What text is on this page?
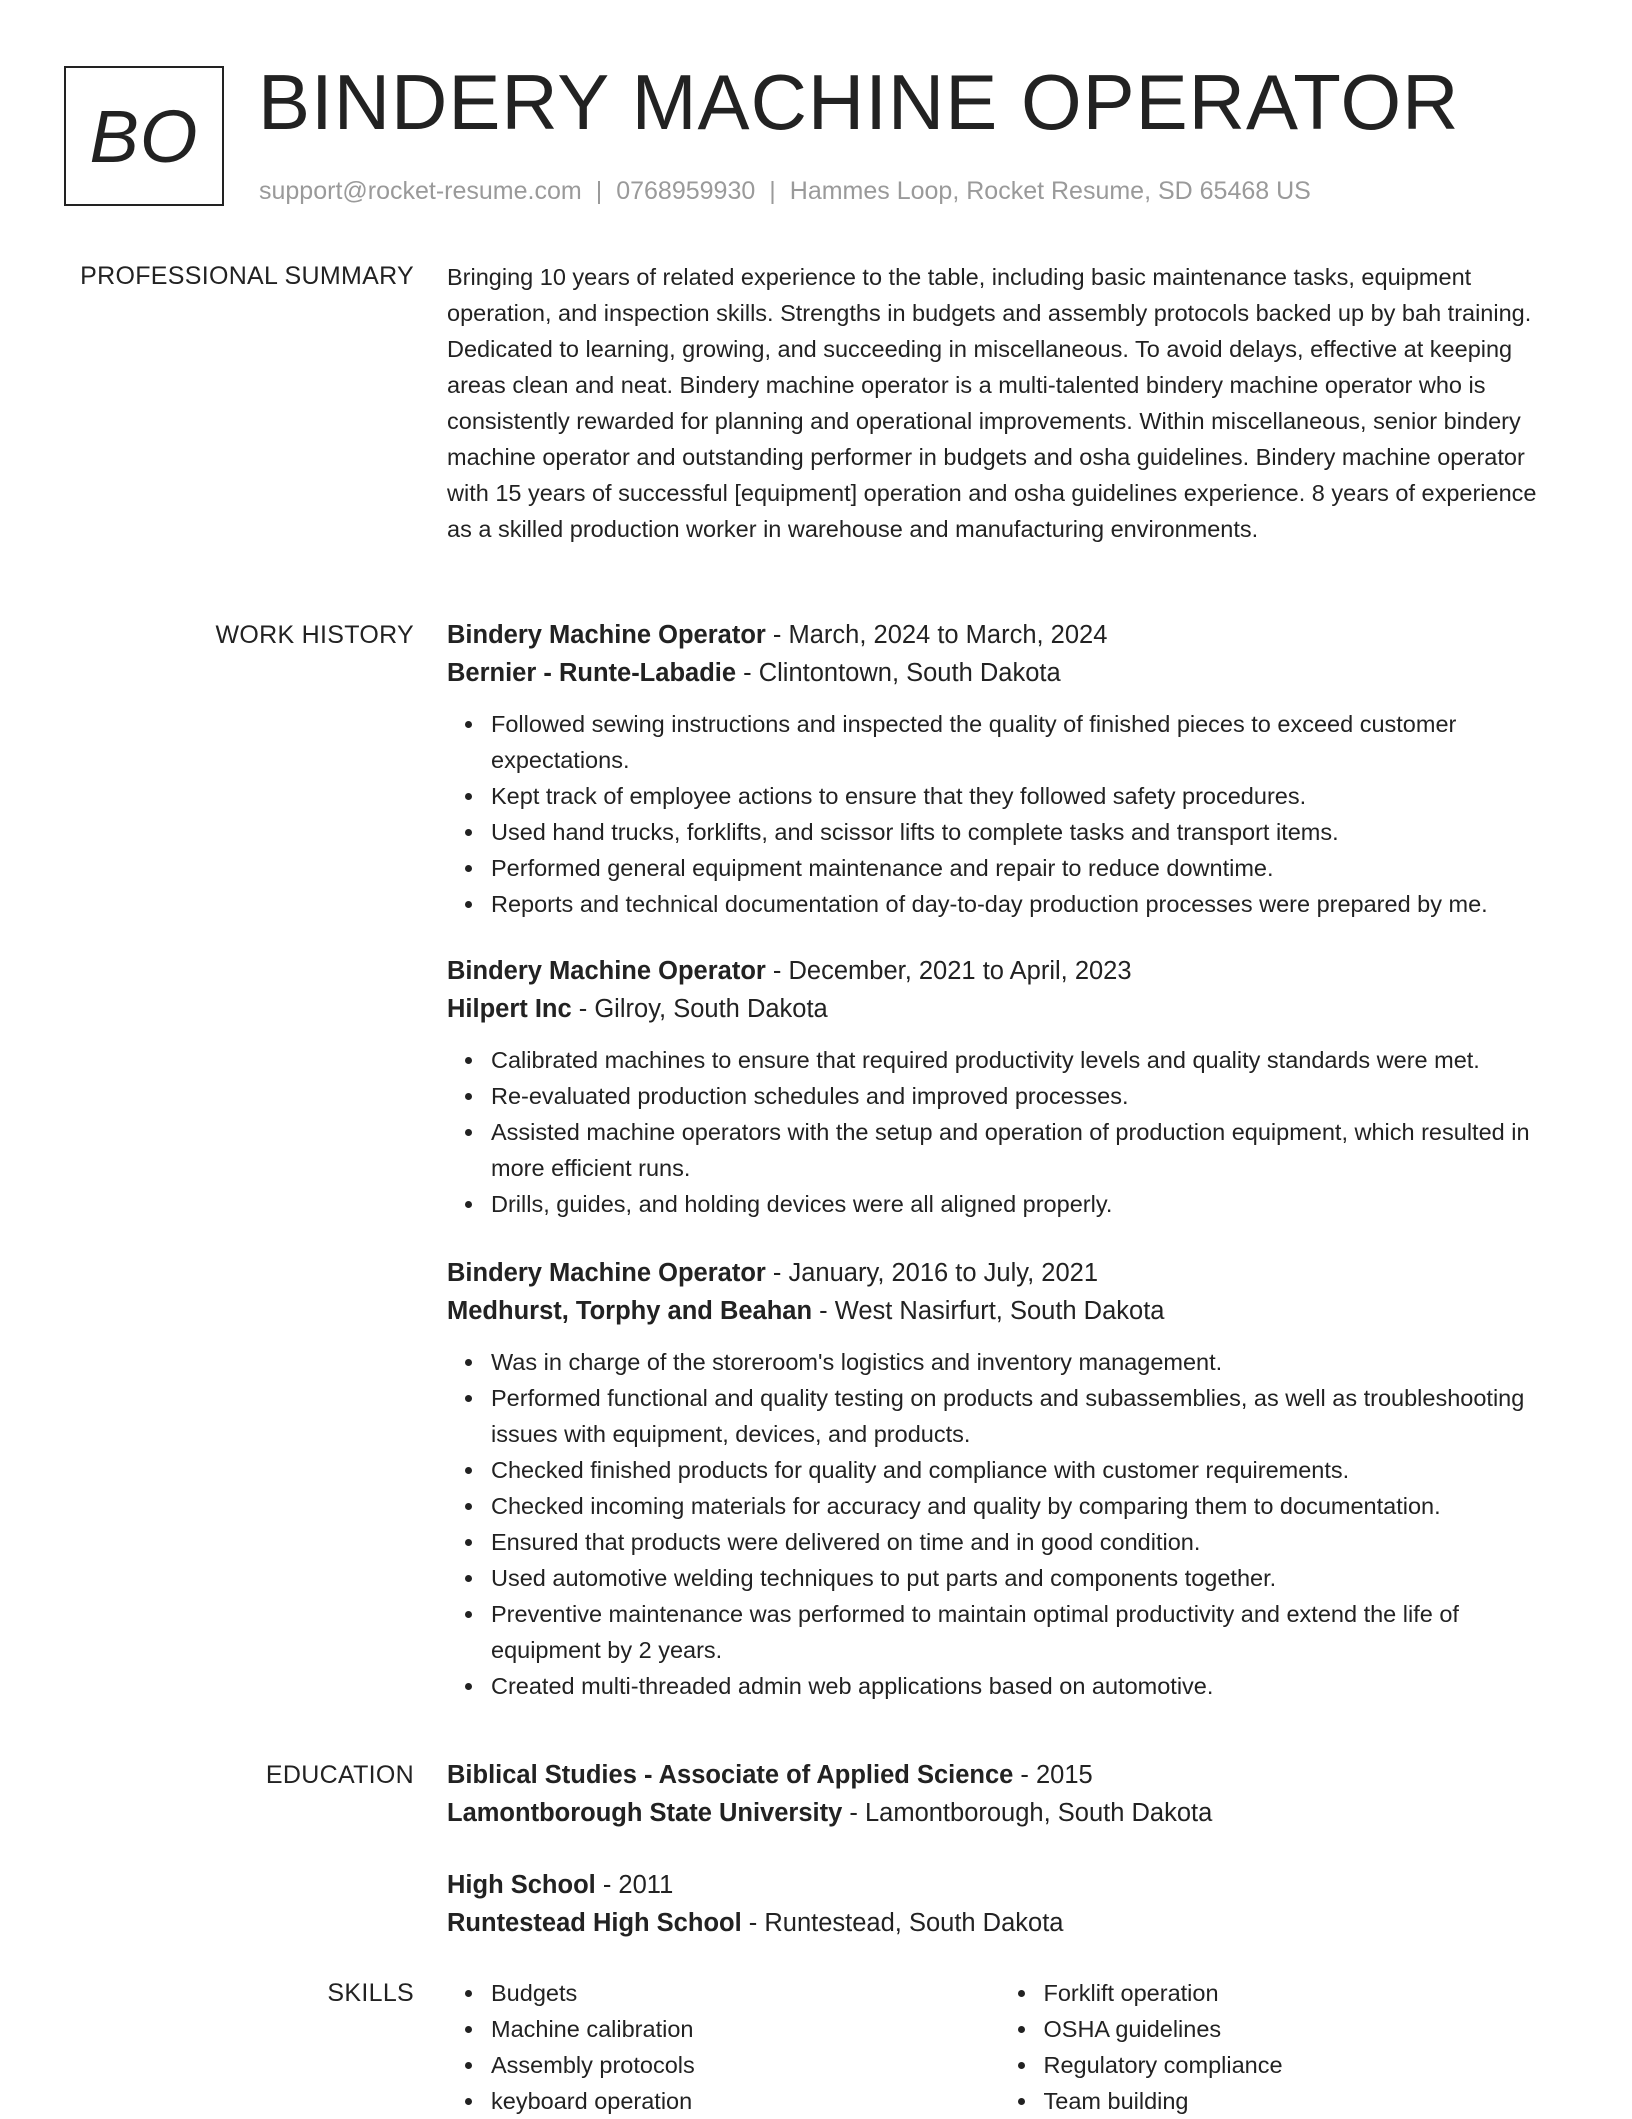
BO BINDERY MACHINE OPERATOR
support@rocket-resume.com | 0768959930 | Hammes Loop, Rocket Resume, SD 65468 US
PROFESSIONAL SUMMARY Bringing 10 years of related experience to the table, including basic maintenance tasks, equipment operation, and inspection skills. Strengths in budgets and assembly protocols backed up by bah training. Dedicated to learning, growing, and succeeding in miscellaneous. To avoid delays, effective at keeping areas clean and neat. Bindery machine operator is a multi-talented bindery machine operator who is consistently rewarded for planning and operational improvements. Within miscellaneous, senior bindery machine operator and outstanding performer in budgets and osha guidelines. Bindery machine operator with 15 years of successful [equipment] operation and osha guidelines experience. 8 years of experience as a skilled production worker in warehouse and manufacturing environments.

WORK HISTORY Bindery Machine Operator - March, 2024 to March, 2024
Bernier - Runte-Labadie - Clintontown, South Dakota
Followed sewing instructions and inspected the quality of finished pieces to exceed customer expectations.
Kept track of employee actions to ensure that they followed safety procedures.
Used hand trucks, forklifts, and scissor lifts to complete tasks and transport items.
Performed general equipment maintenance and repair to reduce downtime.
Reports and technical documentation of day-to-day production processes were prepared by me.
Bindery Machine Operator - December, 2021 to April, 2023
Hilpert Inc - Gilroy, South Dakota
Calibrated machines to ensure that required productivity levels and quality standards were met.
Re-evaluated production schedules and improved processes.
Assisted machine operators with the setup and operation of production equipment, which resulted in more efficient runs.
Drills, guides, and holding devices were all aligned properly.
Bindery Machine Operator - January, 2016 to July, 2021
Medhurst, Torphy and Beahan - West Nasirfurt, South Dakota
Was in charge of the storeroom's logistics and inventory management.
Performed functional and quality testing on products and subassemblies, as well as troubleshooting issues with equipment, devices, and products.
Checked finished products for quality and compliance with customer requirements.
Checked incoming materials for accuracy and quality by comparing them to documentation.
Ensured that products were delivered on time and in good condition.
Used automotive welding techniques to put parts and components together.
Preventive maintenance was performed to maintain optimal productivity and extend the life of equipment by 2 years.
Created multi-threaded admin web applications based on automotive.
EDUCATION Biblical Studies - Associate of Applied Science - 2015
Lamontborough State University - Lamontborough, South Dakota
High School - 2011
Runtestead High School - Runtestead, South Dakota
SKILLS	Budgets
Machine calibration
Assembly protocols
keyboard operation
Forklift operation
OSHA guidelines
Regulatory compliance
Team building
